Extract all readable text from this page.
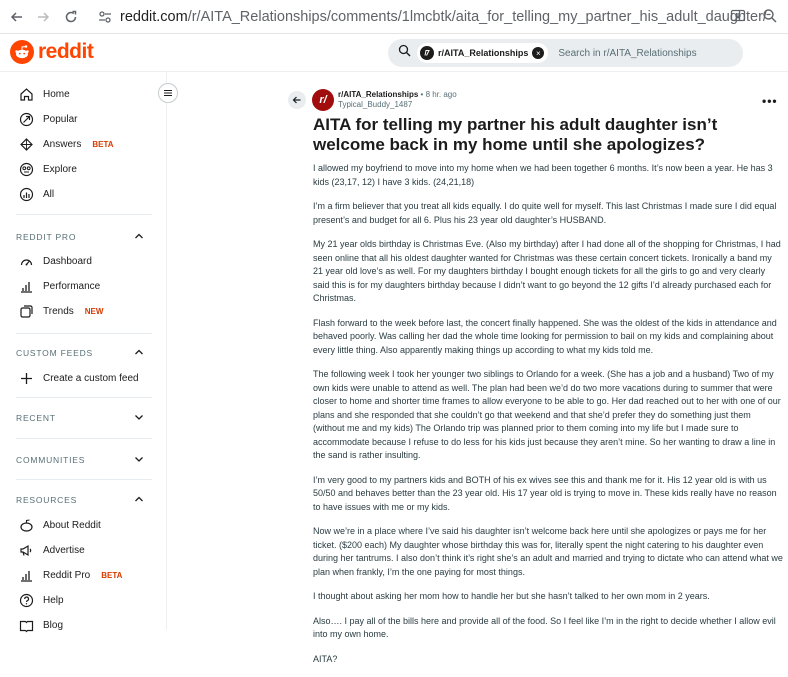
reddit.com/r/AITA_Relationships/comments/1lmcbtk/aita_for_telling_my_partner_his_adult_daughter/
reddit	r/AITA_Relationships ×	Search in r/AITA_Relationships
Home
Popular
Answers BETA
Explore
All
REDDIT PRO
Dashboard
Performance
Trends NEW
CUSTOM FEEDS
Create a custom feed
RECENT
COMMUNITIES
RESOURCES
About Reddit
Advertise
Reddit Pro BETA
Help
Blog
r/	r/AITA_Relationships • 8 hr. ago
Typical_Buddy_1487	•••
AITA for telling my partner his adult daughter isn’t welcome back in my home until she apologizes?

I allowed my boyfriend to move into my home when we had been together 6 months. It’s now been a year. He has 3 kids (23,17, 12) I have 3 kids. (24,21,18)

I’m a firm believer that you treat all kids equally. I do quite well for myself. This last Christmas I made sure I did equal present’s and budget for all 6. Plus his 23 year old daughter’s HUSBAND.

My 21 year olds birthday is Christmas Eve. (Also my birthday) after I had done all of the shopping for Christmas, I had seen online that all his oldest daughter wanted for Christmas was these certain concert tickets. Ironically a band my 21 year old love’s as well. For my daughters birthday I bought enough tickets for all the girls to go and very clearly said this is for my daughters birthday because I didn’t want to go beyond the 12 gifts I’d already purchased each for Christmas.

Flash forward to the week before last, the concert finally happened. She was the oldest of the kids in attendance and behaved poorly. Was calling her dad the whole time looking for permission to bail on my kids and complaining about every little thing. Also apparently making things up according to what my kids told me.

The following week I took her younger two siblings to Orlando for a week. (She has a job and a husband) Two of my own kids were unable to attend as well. The plan had been we’d do two more vacations during to summer that were closer to home and shorter time frames to allow everyone to be able to go. Her dad reached out to her with one of our plans and she responded that she couldn’t go that weekend and that she’d prefer they do something just them (without me and my kids) The Orlando trip was planned prior to them coming into my life but I made sure to accommodate because I refuse to do less for his kids just because they aren’t mine. So her wanting to draw a line in the sand is rather insulting.

I’m very good to my partners kids and BOTH of his ex wives see this and thank me for it. His 12 year old is with us 50/50 and behaves better than the 23 year old. His 17 year old is trying to move in. These kids really have no reason to have issues with me or my kids.

Now we’re in a place where I’ve said his daughter isn’t welcome back here until she apologizes or pays me for her ticket. ($200 each) My daughter whose birthday this was for, literally spent the night catering to his daughter even during her tantrums. I also don’t think it’s right she’s an adult and married and trying to dictate who can attend what we plan when frankly, I’m the one paying for most things.

I thought about asking her mom how to handle her but she hasn’t talked to her own mom in 2 years.

Also…. I pay all of the bills here and provide all of the food. So I feel like I’m in the right to decide whether I allow evil into my own home.

AITA?
